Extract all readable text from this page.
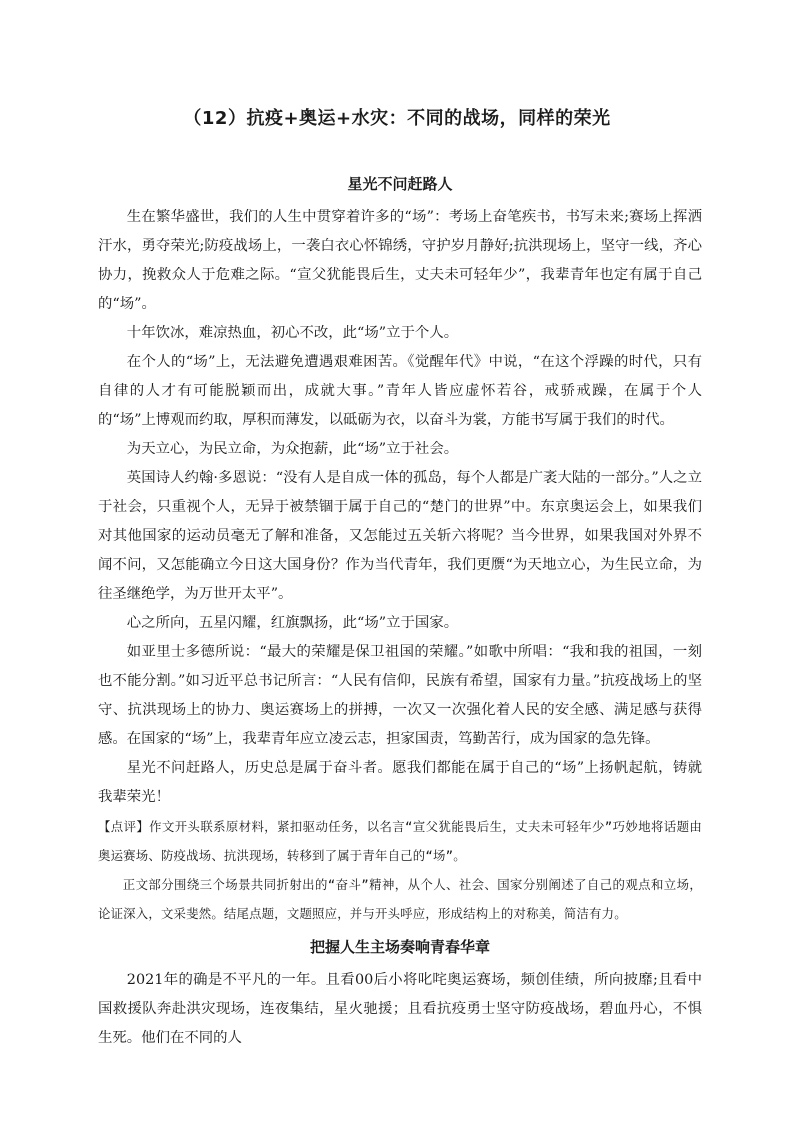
（12）抗疫+奥运+水灾：不同的战场，同样的荣光
星光不问赶路人

生在繁华盛世，我们的人生中贯穿着许多的“场”：考场上奋笔疾书，书写未来;赛场上挥洒汗水，勇夺荣光;防疫战场上，一袭白衣心怀锦绣，守护岁月静好;抗洪现场上，坚守一线，齐心协力，挽救众人于危难之际。“宣父犹能畏后生，丈夫未可轻年少”，我辈青年也定有属于自己的“场”。

十年饮冰，难凉热血，初心不改，此“场”立于个人。

在个人的“场”上，无法避免遭遇艰难困苦。《觉醒年代》中说，“在这个浮躁的时代，只有自律的人才有可能脱颖而出，成就大事。”青年人皆应虚怀若谷，戒骄戒躁，在属于个人的“场”上博观而约取，厚积而薄发，以砥砺为衣，以奋斗为裳，方能书写属于我们的时代。

为天立心，为民立命，为众抱薪，此“场”立于社会。

英国诗人约翰·多恩说：“没有人是自成一体的孤岛，每个人都是广袤大陆的一部分。”人之立于社会，只重视个人，无异于被禁锢于属于自己的“楚门的世界”中。东京奥运会上，如果我们对其他国家的运动员毫无了解和准备，又怎能过五关斩六将呢？当今世界，如果我国对外界不闻不问，又怎能确立今日这大国身份？作为当代青年，我们更赝“为天地立心，为生民立命，为往圣继绝学，为万世开太平”。

心之所向，五星闪耀，红旗飘扬，此“场”立于国家。

如亚里士多德所说：“最大的荣耀是保卫祖国的荣耀。”如歌中所唱：“我和我的祖国，一刻也不能分割。”如习近平总书记所言：“人民有信仰，民族有希望，国家有力量。”抗疫战场上的坚守、抗洪现场上的协力、奥运赛场上的拼搏，一次又一次强化着人民的安全感、满足感与获得感。在国家的“场”上，我辈青年应立凌云志，担家国责，笃勤苦行，成为国家的急先锋。

星光不问赶路人，历史总是属于奋斗者。愿我们都能在属于自己的“场”上扬帆起航，铸就我辈荣光！

【点评】作文开头联系原材料，紧扣驱动任务，以名言“宣父犹能畏后生，丈夫未可轻年少”巧妙地将话题由奥运赛场、防疫战场、抗洪现场，转移到了属于青年自己的“场”。

正文部分围绕三个场景共同折射出的“奋斗”精神，从个人、社会、国家分别阐述了自己的观点和立场，论证深入，文采斐然。结尾点题，文题照应，并与开头呼应，形成结构上的对称美，简洁有力。

把握人生主场奏响青春华章

2021年的确是不平凡的一年。且看00后小将叱咤奥运赛场，频创佳绩，所向披靡;且看中国救援队奔赴洪灾现场，连夜集结，星火驰援；且看抗疫勇士坚守防疫战场，碧血丹心，不惧生死。他们在不同的人
